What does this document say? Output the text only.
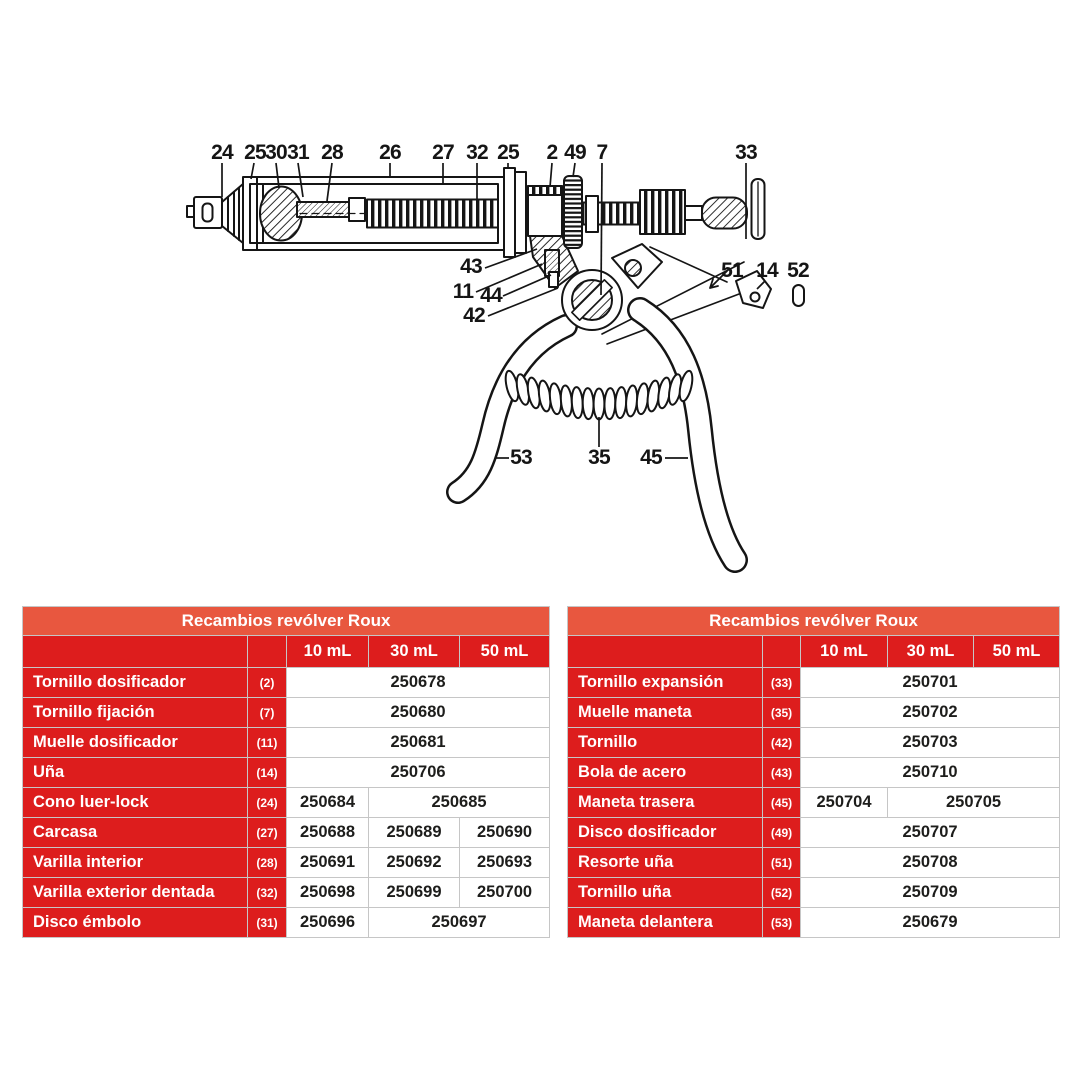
24 25 30 31 28 26 27 32 25 2 49 7	33
43
11 44
42
51 14 52
53	35 45
Recambios revólver Roux				
		10 mL	30 mL	50 mL
Tornillo dosificador	(2)	250678		
Tornillo fijación	(7)	250680		
Muelle dosificador	(11)	250681		
Uña	(14)	250706		
Cono luer-lock	(24)	250684	250685	
Carcasa	(27)	250688	250689	250690
Varilla interior	(28)	250691	250692	250693
Varilla exterior dentada	(32)	250698	250699	250700
Disco émbolo	(31)	250696	250697	
Recambios revólver Roux				
		10 mL	30 mL	50 mL
Tornillo expansión	(33)	250701		
Muelle maneta	(35)	250702		
Tornillo	(42)	250703		
Bola de acero	(43)	250710		
Maneta trasera	(45)	250704	250705	
Disco dosificador	(49)	250707		
Resorte uña	(51)	250708		
Tornillo uña	(52)	250709		
Maneta delantera	(53)	250679		
